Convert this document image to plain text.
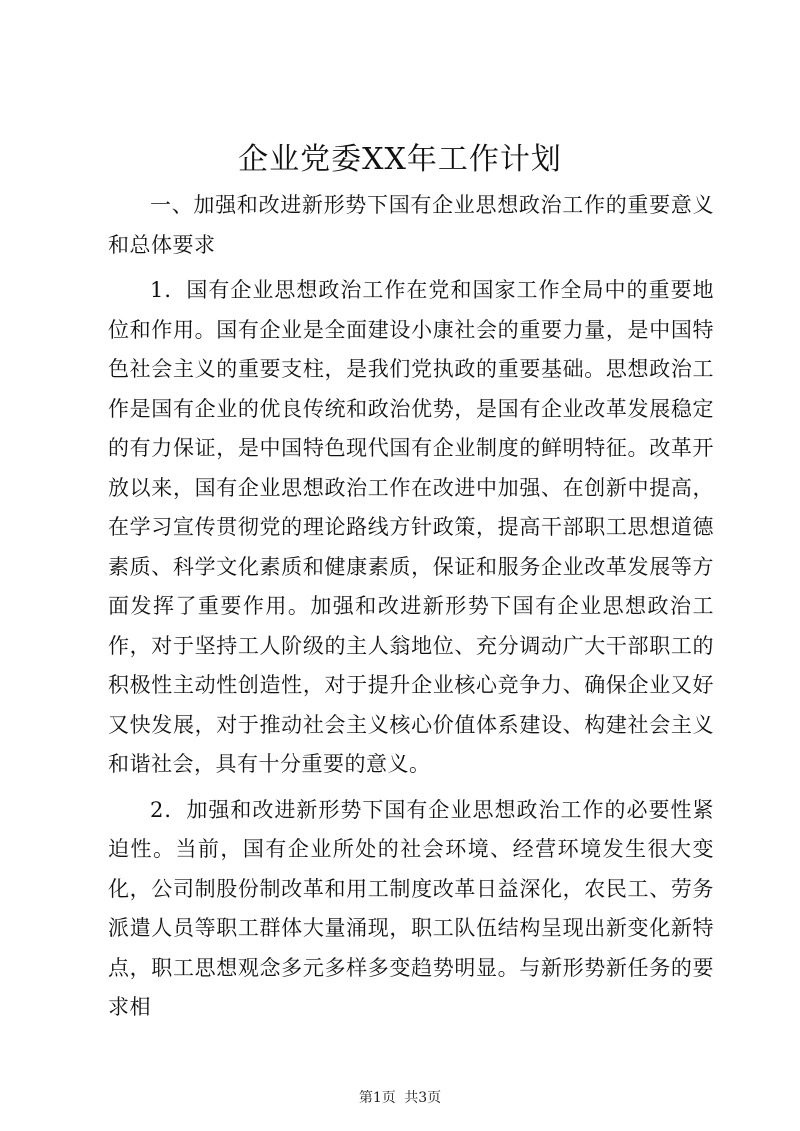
企业党委XX年工作计划

一、加强和改进新形势下国有企业思想政治工作的重要意义和总体要求

1．国有企业思想政治工作在党和国家工作全局中的重要地位和作用。国有企业是全面建设小康社会的重要力量，是中国特色社会主义的重要支柱，是我们党执政的重要基础。思想政治工作是国有企业的优良传统和政治优势，是国有企业改革发展稳定的有力保证，是中国特色现代国有企业制度的鲜明特征。改革开放以来，国有企业思想政治工作在改进中加强、在创新中提高，在学习宣传贯彻党的理论路线方针政策，提高干部职工思想道德素质、科学文化素质和健康素质，保证和服务企业改革发展等方面发挥了重要作用。加强和改进新形势下国有企业思想政治工作，对于坚持工人阶级的主人翁地位、充分调动广大干部职工的积极性主动性创造性，对于提升企业核心竞争力、确保企业又好又快发展，对于推动社会主义核心价值体系建设、构建社会主义和谐社会，具有十分重要的意义。

2．加强和改进新形势下国有企业思想政治工作的必要性紧迫性。当前，国有企业所处的社会环境、经营环境发生很大变化，公司制股份制改革和用工制度改革日益深化，农民工、劳务派遣人员等职工群体大量涌现，职工队伍结构呈现出新变化新特点，职工思想观念多元多样多变趋势明显。与新形势新任务的要求相

第1页 共3页
